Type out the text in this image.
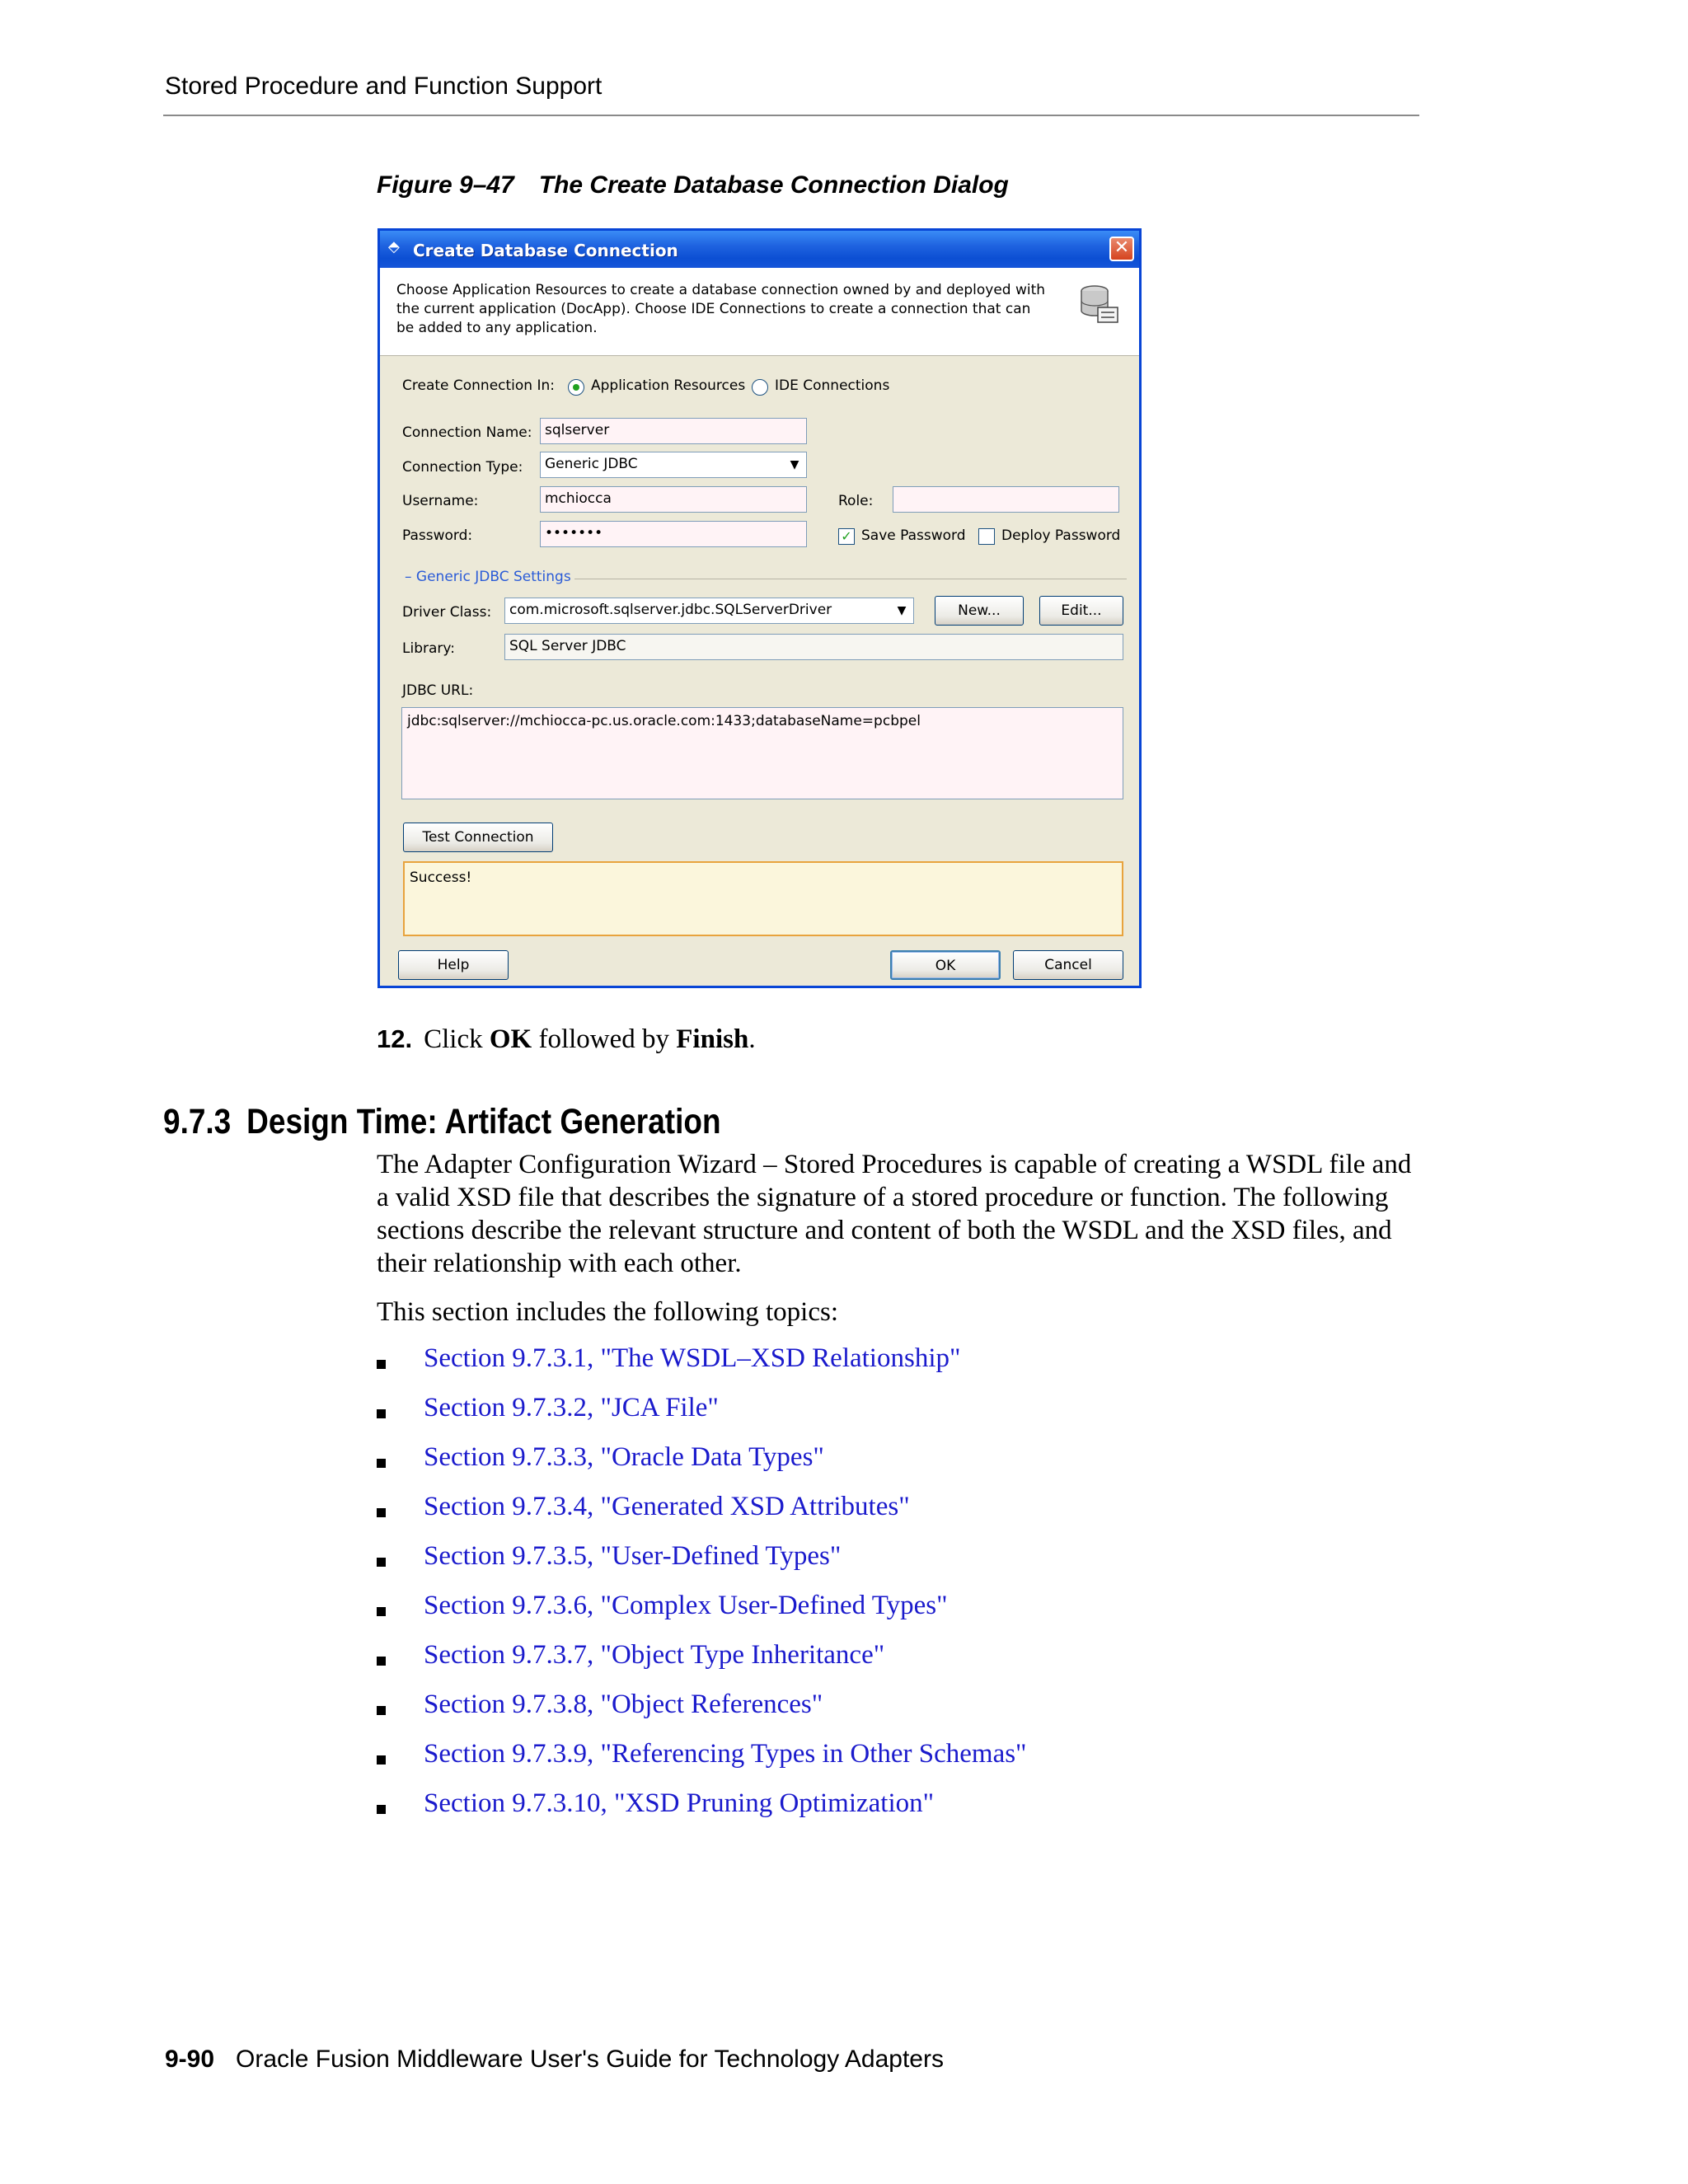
Stored Procedure and Function Support
Figure 9–47 The Create Database Connection Dialog
⬘ Create Database Connection	✕
Choose Application Resources to create a database connection owned by and deployed with the current application (DocApp). Choose IDE Connections to create a connection that can be added to any application.
Create Connection In:	Application Resources IDE Connections
Connection Name: sqlserver
Connection Type:	Generic JDBC	▼
Username:	mchiocca	Role:
Password:	•••••••	✓ Save Password	Deploy Password
– Generic JDBC Settings
Driver Class:	com.microsoft.sqlserver.jdbc.SQLServerDriver	▼	New...	Edit...
Library:	SQL Server JDBC
JDBC URL:
jdbc:sqlserver://mchiocca-pc.us.oracle.com:1433;databaseName=pcbpel
Test Connection
Success!
Help	OK	Cancel
12. Click OK followed by Finish.
9.7.3 Design Time: Artifact Generation
The Adapter Configuration Wizard – Stored Procedures is capable of creating a WSDL file and a valid XSD file that describes the signature of a stored procedure or function. The following sections describe the relevant structure and content of both the WSDL and the XSD files, and their relationship with each other.
This section includes the following topics:
Section 9.7.3.1, "The WSDL–XSD Relationship"
Section 9.7.3.2, "JCA File"
Section 9.7.3.3, "Oracle Data Types"
Section 9.7.3.4, "Generated XSD Attributes"
Section 9.7.3.5, "User-Defined Types"
Section 9.7.3.6, "Complex User-Defined Types"
Section 9.7.3.7, "Object Type Inheritance"
Section 9.7.3.8, "Object References"
Section 9.7.3.9, "Referencing Types in Other Schemas"
Section 9.7.3.10, "XSD Pruning Optimization"
9-90 Oracle Fusion Middleware User's Guide for Technology Adapters
